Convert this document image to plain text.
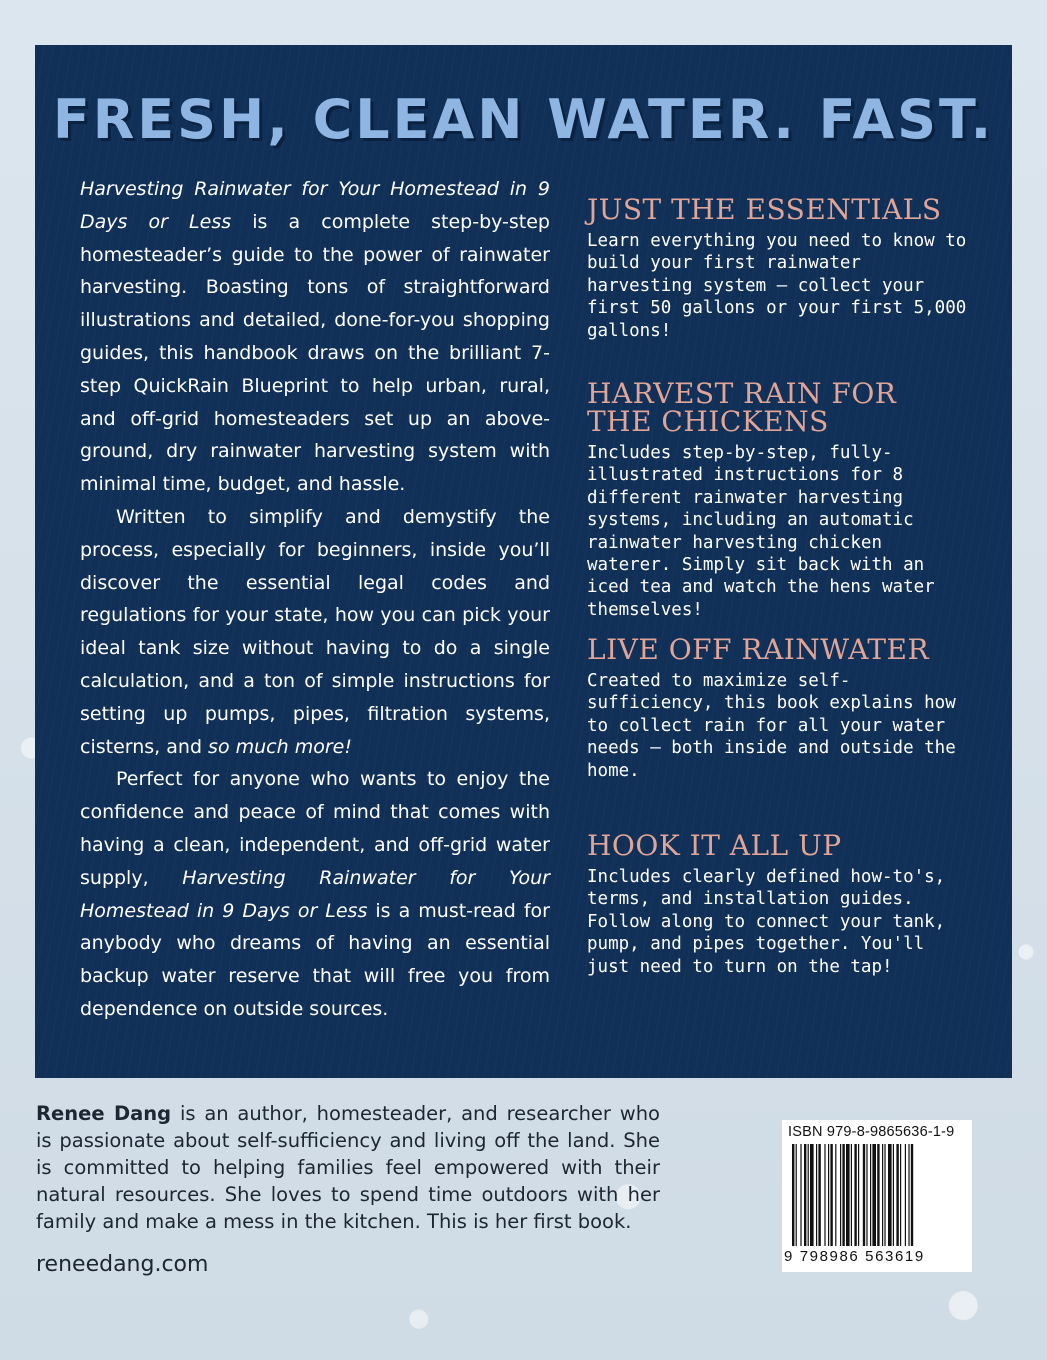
FRESH, CLEAN WATER. FAST.

Harvesting Rainwater for Your Homestead in 9 Days or Less is a complete step-by-step homesteader’s guide to the power of rainwater harvesting. Boasting tons of straightforward illustrations and detailed, done-for-you shopping guides, this handbook draws on the brilliant 7-step QuickRain Blueprint to help urban, rural, and off-grid homesteaders set up an above-ground, dry rainwater harvesting system with minimal time, budget, and hassle.

Written to simplify and demystify the process, especially for beginners, inside you’ll discover the essential legal codes and regulations for your state, how you can pick your ideal tank size without having to do a single calculation, and a ton of simple instructions for setting up pumps, pipes, filtration systems, cisterns, and so much more!

Perfect for anyone who wants to enjoy the confidence and peace of mind that comes with having a clean, independent, and off-grid water supply, Harvesting Rainwater for Your Homestead in 9 Days or Less is a must-read for anybody who dreams of having an essential backup water reserve that will free you from dependence on outside sources.

JUST THE ESSENTIALS

Learn everything you need to know to build your first rainwater harvesting system — collect your first 50 gallons or your first 5,000 gallons!

HARVEST RAIN FOR THE CHICKENS

Includes step-by-step, fully-illustrated instructions for 8 different rainwater harvesting systems, including an automatic rainwater harvesting chicken waterer. Simply sit back with an iced tea and watch the hens water themselves!

LIVE OFF RAINWATER

Created to maximize self-sufficiency, this book explains how to collect rain for all your water needs — both inside and outside the home.

HOOK IT ALL UP

Includes clearly defined how-to's, terms, and installation guides. Follow along to connect your tank, pump, and pipes together. You'll just need to turn on the tap!

Renee Dang is an author, homesteader, and researcher who is passionate about self-sufficiency and living off the land. She is committed to helping families feel empowered with their natural resources. She loves to spend time outdoors with her family and make a mess in the kitchen. This is her first book.

reneedang.com

ISBN 979-8-9865636-1-9

9 798986 563619
